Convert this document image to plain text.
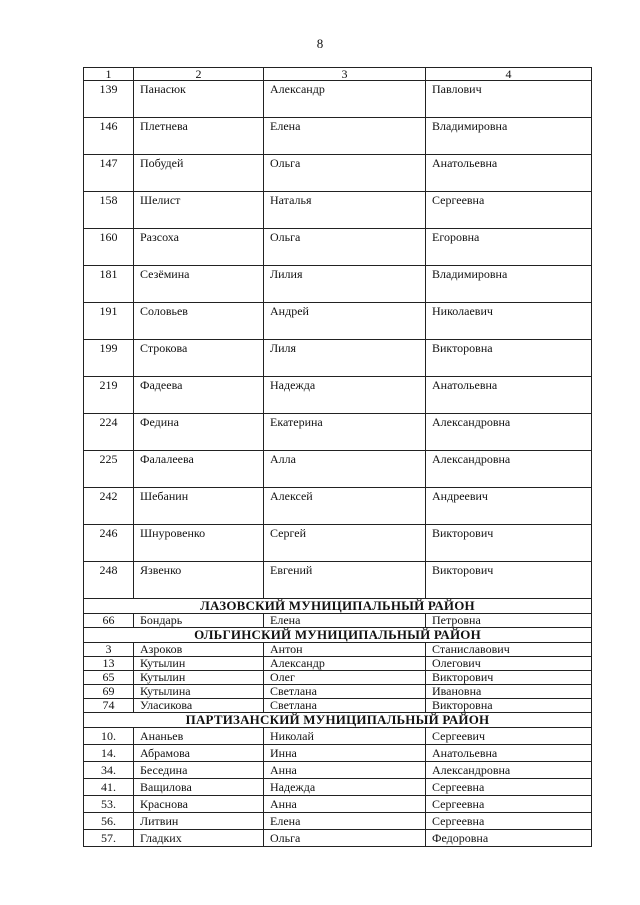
8
1	2	3	4
139	Панасюк	Александр	Павлович
146	Плетнева	Елена	Владимировна
147	Побудей	Ольга	Анатольевна
158	Шелист	Наталья	Сергеевна
160	Разсоха	Ольга	Егоровна
181	Сезёмина	Лилия	Владимировна
191	Соловьев	Андрей	Николаевич
199	Строкова	Лиля	Викторовна
219	Фадеева	Надежда	Анатольевна
224	Федина	Екатерина	Александровна
225	Фалалеева	Алла	Александровна
242	Шебанин	Алексей	Андреевич
246	Шнуровенко	Сергей	Викторович
248	Язвенко	Евгений	Викторович
ЛАЗОВСКИЙ МУНИЦИПАЛЬНЫЙ РАЙОН			
66	Бондарь	Елена	Петровна
ОЛЬГИНСКИЙ МУНИЦИПАЛЬНЫЙ РАЙОН			
3	Азроков	Антон	Станиславович
13	Кутылин	Александр	Олегович
65	Кутылин	Олег	Викторович
69	Кутылина	Светлана	Ивановна
74	Уласикова	Светлана	Викторовна
ПАРТИЗАНСКИЙ МУНИЦИПАЛЬНЫЙ РАЙОН			
10.	Ананьев	Николай	Сергеевич
14.	Абрамова	Инна	Анатольевна
34.	Беседина	Анна	Александровна
41.	Ващилова	Надежда	Сергеевна
53.	Краснова	Анна	Сергеевна
56.	Литвин	Елена	Сергеевна
57.	Гладких	Ольга	Федоровна
